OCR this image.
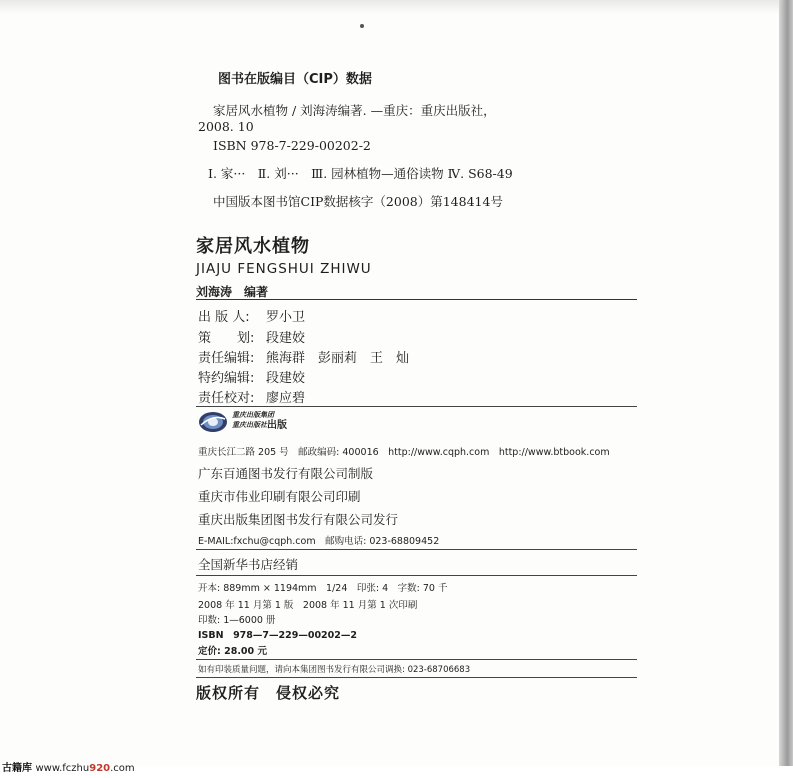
图书在版编目（CIP）数据
家居风水植物 / 刘海涛编著. —重庆：重庆出版社，
2008. 10
ISBN 978-7-229-00202-2
Ⅰ. 家···　Ⅱ. 刘···　Ⅲ. 园林植物—通俗读物 Ⅳ. S68-49
中国版本图书馆CIP数据核字（2008）第148414号
家居风水植物
JIAJU FENGSHUI ZHIWU
刘海涛　编著
出 版 人: 罗小卫
策　　划: 段建姣
责任编辑: 熊海群　彭丽莉　王　灿
特约编辑: 段建姣
责任校对: 廖应碧
重庆出版集团
重庆出版社 出版
重庆长江二路 205 号　邮政编码: 400016　http://www.cqph.com　http://www.btbook.com
广东百通图书发行有限公司制版
重庆市伟业印刷有限公司印刷
重庆出版集团图书发行有限公司发行
E-MAIL:fxchu@cqph.com　邮购电话: 023-68809452
全国新华书店经销
开本: 889mm × 1194mm　1/24　印张: 4　字数: 70 千
2008 年 11 月第 1 版　2008 年 11 月第 1 次印刷
印数: 1—6000 册
ISBN　978—7—229—00202—2
定价: 28.00 元
如有印装质量问题，请向本集团图书发行有限公司调换: 023-68706683
版权所有　侵权必究
古籍库 www.fczhu920.com
